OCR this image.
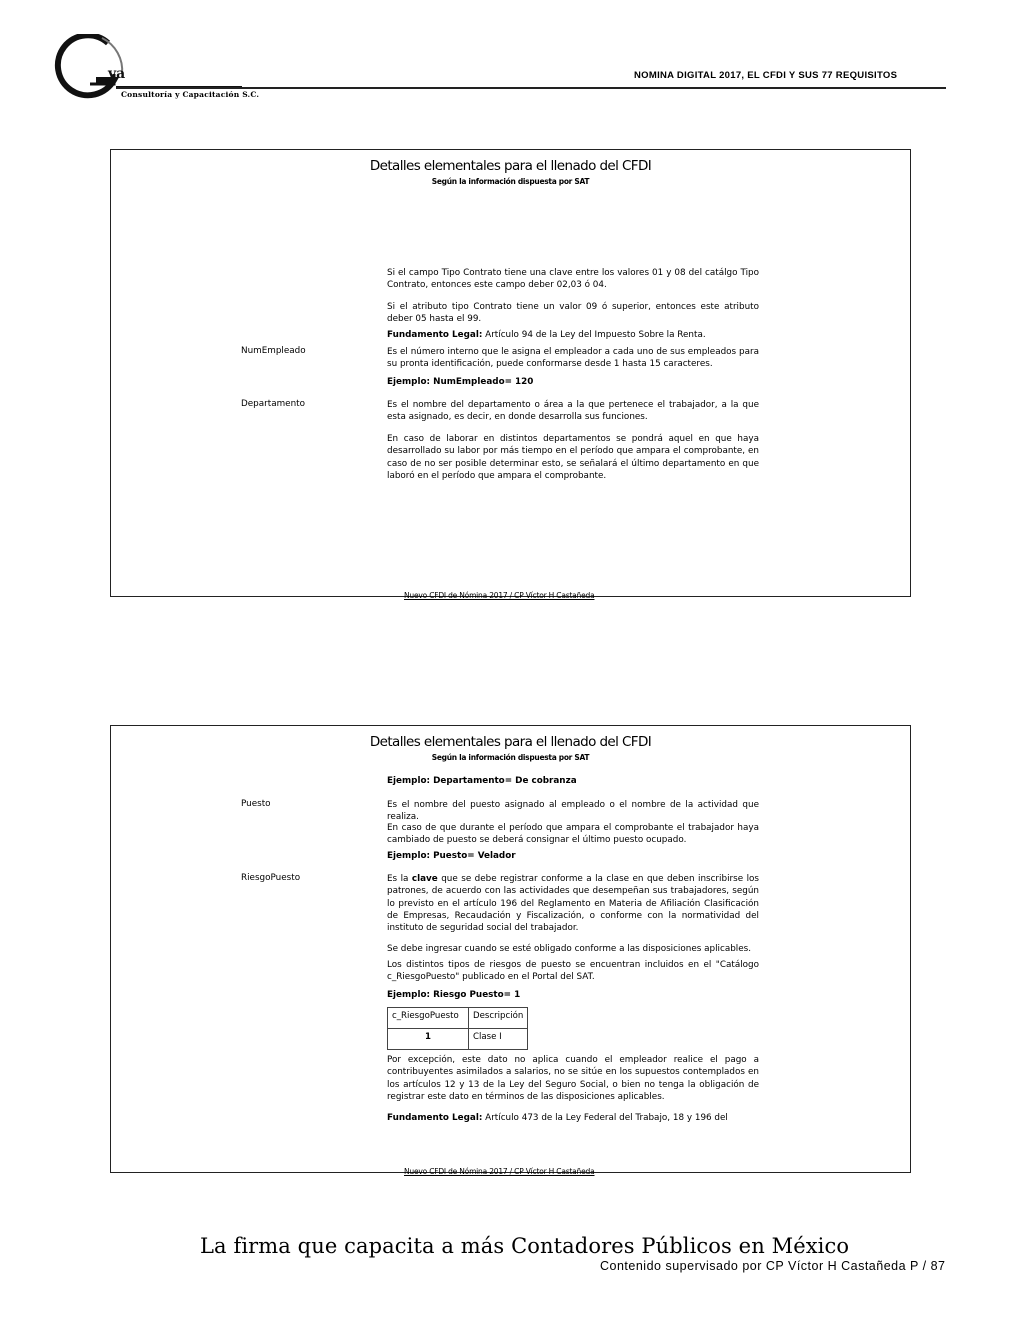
va
Consultoría y Capacitación S.C.
NOMINA DIGITAL 2017, EL CFDI Y SUS 77 REQUISITOS
Detalles elementales para el llenado del CFDI
Según la información dispuesta por SAT
Si el campo Tipo Contrato tiene una clave entre los valores 01 y 08 del catálgo Tipo Contrato, entonces este campo deber 02,03 ó 04.
Si el atributo tipo Contrato tiene un valor 09 ó superior, entonces este atributo deber 05 hasta el 99.
Fundamento Legal: Artículo 94 de la Ley del Impuesto Sobre la Renta.
NumEmpleado	Es el número interno que le asigna el empleador a cada uno de sus empleados para su pronta identificación, puede conformarse desde 1 hasta 15 caracteres.
Ejemplo: NumEmpleado= 120
Departamento	Es el nombre del departamento o área a la que pertenece el trabajador, a la que esta asignado, es decir, en donde desarrolla sus funciones.
En caso de laborar en distintos departamentos se pondrá aquel en que haya desarrollado su labor por más tiempo en el período que ampara el comprobante, en caso de no ser posible determinar esto, se señalará el último departamento en que laboró en el período que ampara el comprobante.
Nuevo CFDI de Nómina 2017 / CP Víctor H Castañeda
Detalles elementales para el llenado del CFDI
Según la información dispuesta por SAT
Ejemplo: Departamento= De cobranza
Puesto	Es el nombre del puesto asignado al empleado o el nombre de la actividad que realiza.
En caso de que durante el período que ampara el comprobante el trabajador haya cambiado de puesto se deberá consignar el último puesto ocupado.
Ejemplo: Puesto= Velador
RiesgoPuesto	Es la clave que se debe registrar conforme a la clase en que deben inscribirse los patrones, de acuerdo con las actividades que desempeñan sus trabajadores, según lo previsto en el artículo 196 del Reglamento en Materia de Afiliación Clasificación de Empresas, Recaudación y Fiscalización, o conforme con la normatividad del instituto de seguridad social del trabajador.
Se debe ingresar cuando se esté obligado conforme a las disposiciones aplicables.
Los distintos tipos de riesgos de puesto se encuentran incluidos en el "Catálogo c_RiesgoPuesto" publicado en el Portal del SAT.
Ejemplo: Riesgo Puesto= 1
c_RiesgoPuesto	Descripción
1	Clase I
Por excepción, este dato no aplica cuando el empleador realice el pago a contribuyentes asimilados a salarios, no se sitúe en los supuestos contemplados en los artículos 12 y 13 de la Ley del Seguro Social, o bien no tenga la obligación de registrar este dato en términos de las disposiciones aplicables.
Fundamento Legal: Artículo 473 de la Ley Federal del Trabajo, 18 y 196 del
Nuevo CFDI de Nómina 2017 / CP Víctor H Castañeda
La firma que capacita a más Contadores Públicos en México
Contenido supervisado por CP Víctor H Castañeda P / 87
